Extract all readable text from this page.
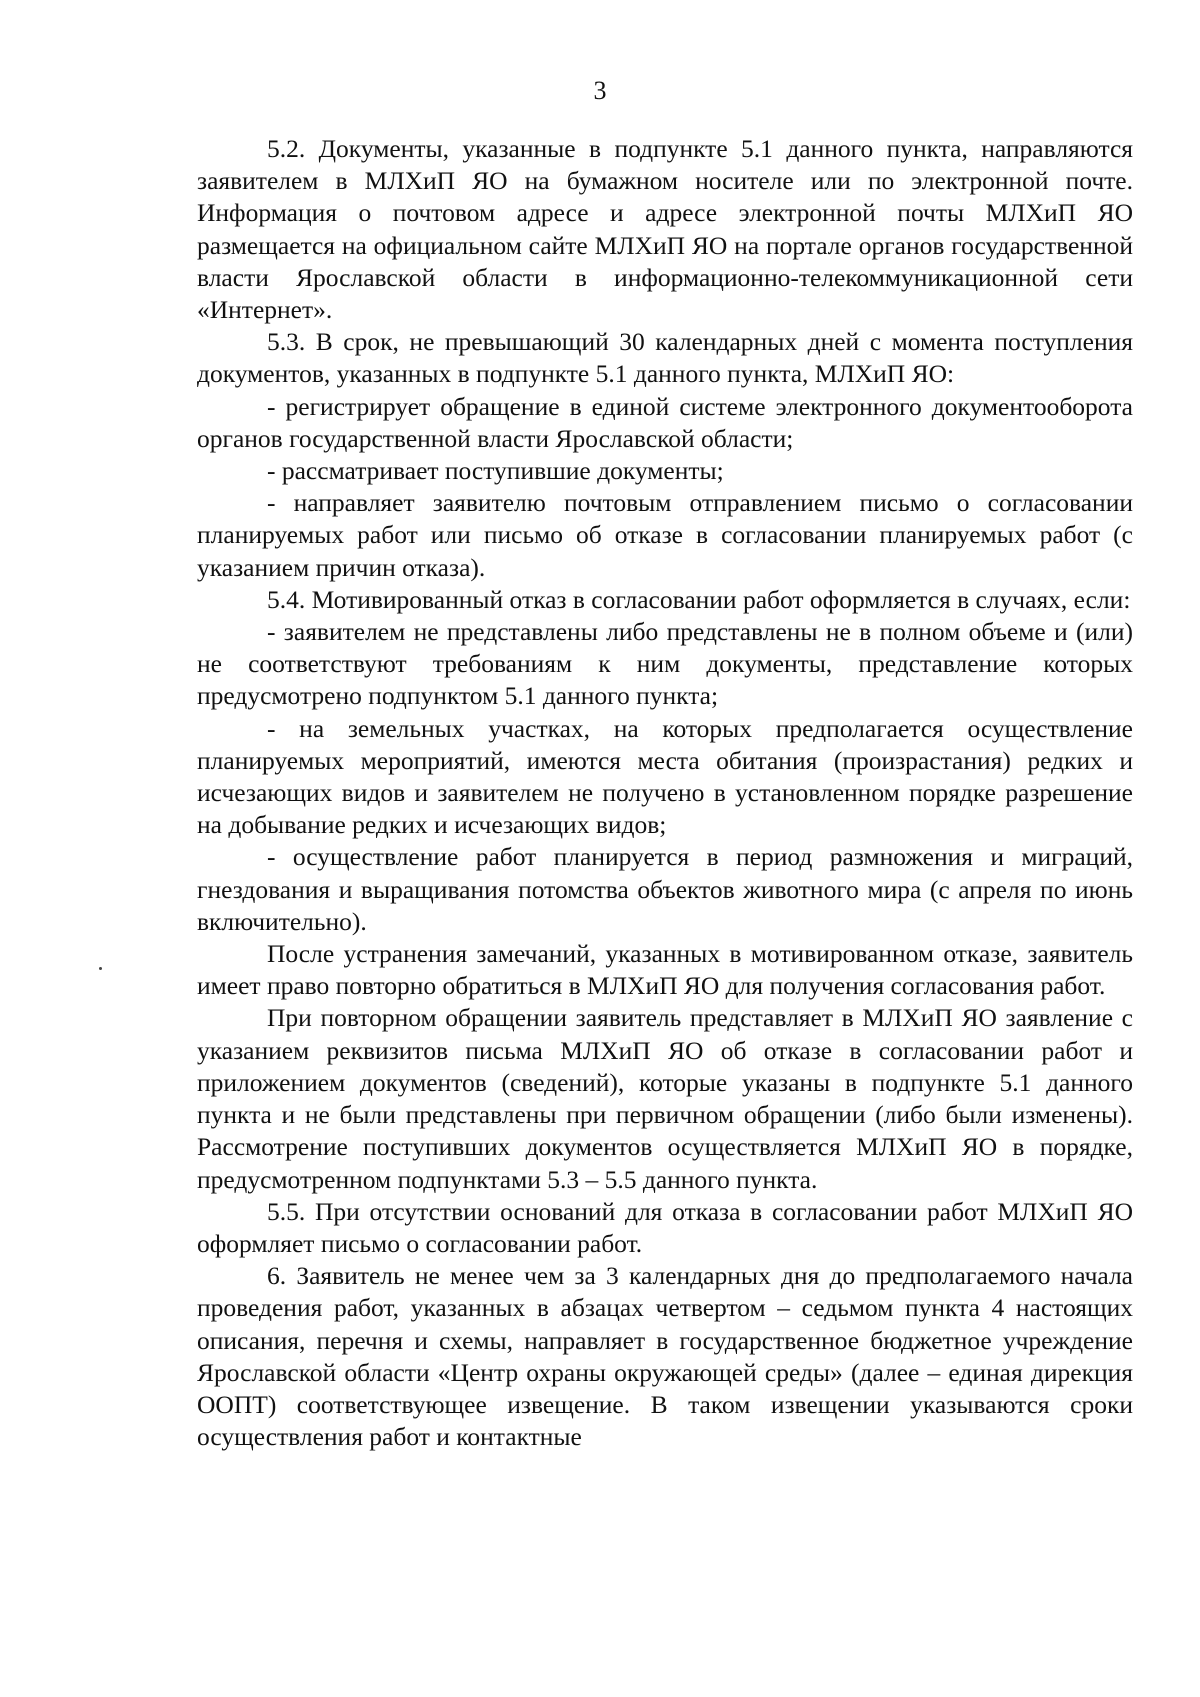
3

5.2. Документы, указанные в подпункте 5.1 данного пункта, направляются заявителем в МЛХиП ЯО на бумажном носителе или по электронной почте. Информация о почтовом адресе и адресе электронной почты МЛХиП ЯО размещается на официальном сайте МЛХиП ЯО на портале органов государственной власти Ярославской области в информационно-телекоммуникационной сети «Интернет».

5.3. В срок, не превышающий 30 календарных дней с момента поступления документов, указанных в подпункте 5.1 данного пункта, МЛХиП ЯО:

- регистрирует обращение в единой системе электронного документооборота органов государственной власти Ярославской области;

- рассматривает поступившие документы;

- направляет заявителю почтовым отправлением письмо о согласовании планируемых работ или письмо об отказе в согласовании планируемых работ (с указанием причин отказа).

5.4. Мотивированный отказ в согласовании работ оформляется в случаях, если:

- заявителем не представлены либо представлены не в полном объеме и (или) не соответствуют требованиям к ним документы, представление которых предусмотрено подпунктом 5.1 данного пункта;

- на земельных участках, на которых предполагается осуществление планируемых мероприятий, имеются места обитания (произрастания) редких и исчезающих видов и заявителем не получено в установленном порядке разрешение на добывание редких и исчезающих видов;

- осуществление работ планируется в период размножения и миграций, гнездования и выращивания потомства объектов животного мира (с апреля по июнь включительно).

После устранения замечаний, указанных в мотивированном отказе, заявитель имеет право повторно обратиться в МЛХиП ЯО для получения согласования работ.

При повторном обращении заявитель представляет в МЛХиП ЯО заявление с указанием реквизитов письма МЛХиП ЯО об отказе в согласовании работ и приложением документов (сведений), которые указаны в подпункте 5.1 данного пункта и не были представлены при первичном обращении (либо были изменены). Рассмотрение поступивших документов осуществляется МЛХиП ЯО в порядке, предусмотренном подпунктами 5.3 – 5.5 данного пункта.

5.5. При отсутствии оснований для отказа в согласовании работ МЛХиП ЯО оформляет письмо о согласовании работ.

6. Заявитель не менее чем за 3 календарных дня до предполагаемого начала проведения работ, указанных в абзацах четвертом – седьмом пункта 4 настоящих описания, перечня и схемы, направляет в государственное бюджетное учреждение Ярославской области «Центр охраны окружающей среды» (далее – единая дирекция ООПТ) соответствующее извещение. В таком извещении указываются сроки осуществления работ и контактные
